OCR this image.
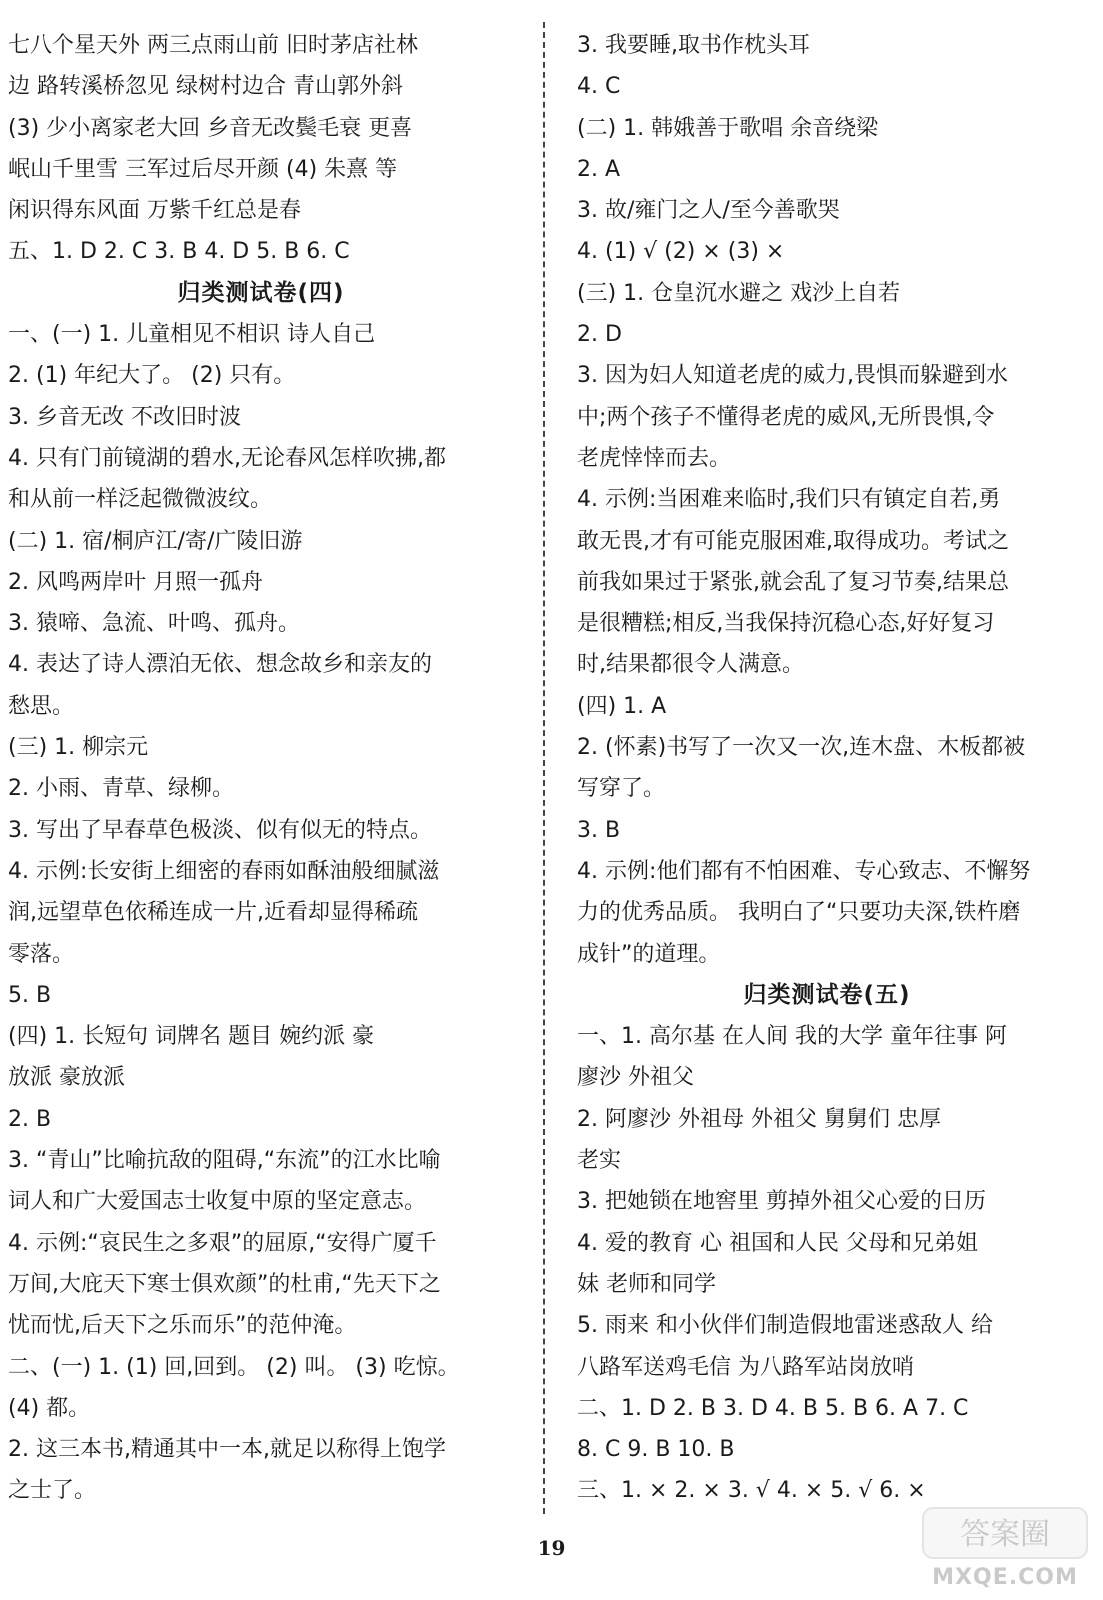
七八个星天外 两三点雨山前 旧时茅店社林
边 路转溪桥忽见 绿树村边合 青山郭外斜
(3) 少小离家老大回 乡音无改鬓毛衰 更喜
岷山千里雪 三军过后尽开颜 (4) 朱熹 等
闲识得东风面 万紫千红总是春
五、1. D 2. C 3. B 4. D 5. B 6. C
归类测试卷(四)
一、(一) 1. 儿童相见不相识 诗人自己
2. (1) 年纪大了。 (2) 只有。
3. 乡音无改 不改旧时波
4. 只有门前镜湖的碧水,无论春风怎样吹拂,都
和从前一样泛起微微波纹。
(二) 1. 宿/桐庐江/寄/广陵旧游
2. 风鸣两岸叶 月照一孤舟
3. 猿啼、急流、叶鸣、孤舟。
4. 表达了诗人漂泊无依、想念故乡和亲友的
愁思。
(三) 1. 柳宗元
2. 小雨、青草、绿柳。
3. 写出了早春草色极淡、似有似无的特点。
4. 示例:长安街上细密的春雨如酥油般细腻滋
润,远望草色依稀连成一片,近看却显得稀疏
零落。
5. B
(四) 1. 长短句 词牌名 题目 婉约派 豪
放派 豪放派
2. B
3. “青山”比喻抗敌的阻碍,“东流”的江水比喻
词人和广大爱国志士收复中原的坚定意志。
4. 示例:“哀民生之多艰”的屈原,“安得广厦千
万间,大庇天下寒士俱欢颜”的杜甫,“先天下之
忧而忧,后天下之乐而乐”的范仲淹。
二、(一) 1. (1) 回,回到。 (2) 叫。 (3) 吃惊。
(4) 都。
2. 这三本书,精通其中一本,就足以称得上饱学
之士了。
3. 我要睡,取书作枕头耳
4. C
(二) 1. 韩娥善于歌唱 余音绕梁
2. A
3. 故/雍门之人/至今善歌哭
4. (1) √ (2) × (3) ×
(三) 1. 仓皇沉水避之 戏沙上自若
2. D
3. 因为妇人知道老虎的威力,畏惧而躲避到水
中;两个孩子不懂得老虎的威风,无所畏惧,令
老虎悻悻而去。
4. 示例:当困难来临时,我们只有镇定自若,勇
敢无畏,才有可能克服困难,取得成功。考试之
前我如果过于紧张,就会乱了复习节奏,结果总
是很糟糕;相反,当我保持沉稳心态,好好复习
时,结果都很令人满意。
(四) 1. A
2. (怀素)书写了一次又一次,连木盘、木板都被
写穿了。
3. B
4. 示例:他们都有不怕困难、专心致志、不懈努
力的优秀品质。 我明白了“只要功夫深,铁杵磨
成针”的道理。
归类测试卷(五)
一、1. 高尔基 在人间 我的大学 童年往事 阿
廖沙 外祖父
2. 阿廖沙 外祖母 外祖父 舅舅们 忠厚
老实
3. 把她锁在地窖里 剪掉外祖父心爱的日历
4. 爱的教育 心 祖国和人民 父母和兄弟姐
妹 老师和同学
5. 雨来 和小伙伴们制造假地雷迷惑敌人 给
八路军送鸡毛信 为八路军站岗放哨
二、1. D 2. B 3. D 4. B 5. B 6. A 7. C
8. C 9. B 10. B
三、1. × 2. × 3. √ 4. × 5. √ 6. ×
19	答案圈
MXQE.COM
